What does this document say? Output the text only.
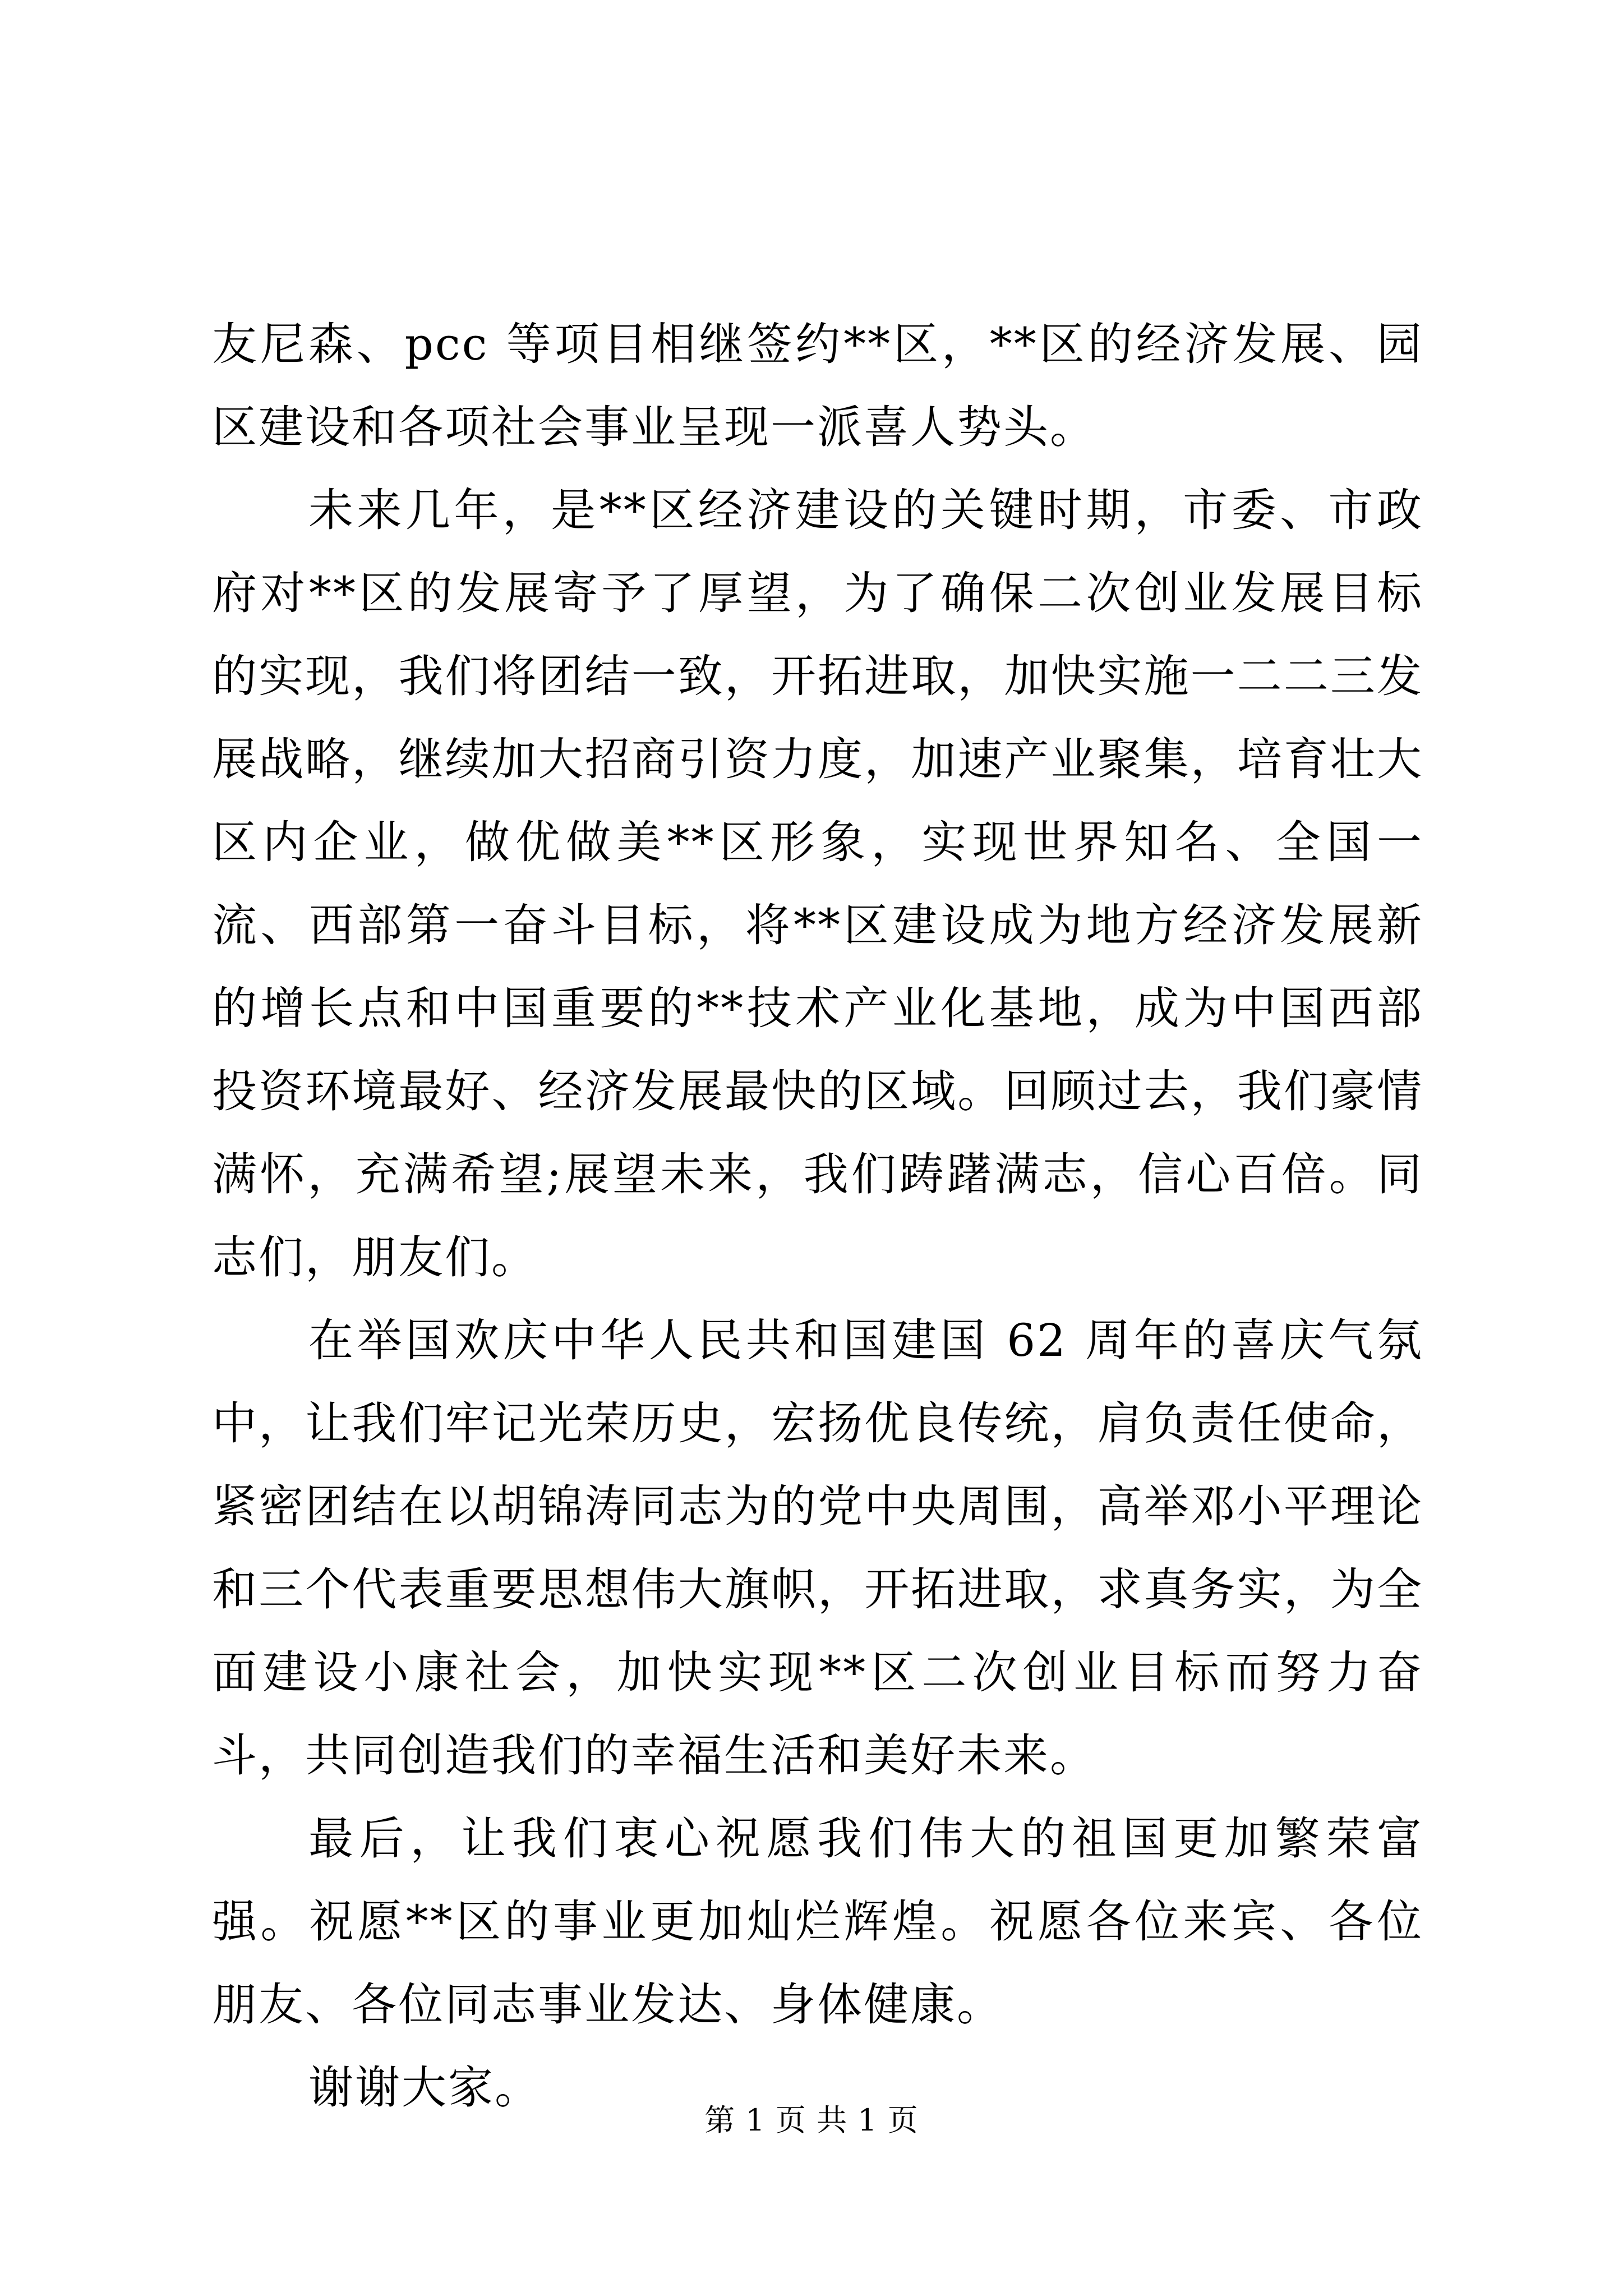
友尼森、pcc 等项目相继签约**区，**区的经济发展、园区建设和各项社会事业呈现一派喜人势头。

未来几年，是**区经济建设的关键时期，市委、市政府对**区的发展寄予了厚望，为了确保二次创业发展目标的实现，我们将团结一致，开拓进取，加快实施一二二三发展战略，继续加大招商引资力度，加速产业聚集，培育壮大区内企业，做优做美**区形象，实现世界知名、全国一流、西部第一奋斗目标，将**区建设成为地方经济发展新的增长点和中国重要的**技术产业化基地，成为中国西部投资环境最好、经济发展最快的区域。回顾过去，我们豪情满怀，充满希望;展望未来，我们踌躇满志，信心百倍。同志们，朋友们。

在举国欢庆中华人民共和国建国 62 周年的喜庆气氛中，让我们牢记光荣历史，宏扬优良传统，肩负责任使命，紧密团结在以胡锦涛同志为的党中央周围，高举邓小平理论和三个代表重要思想伟大旗帜，开拓进取，求真务实，为全面建设小康社会，加快实现**区二次创业目标而努力奋斗，共同创造我们的幸福生活和美好未来。

最后，让我们衷心祝愿我们伟大的祖国更加繁荣富强。祝愿**区的事业更加灿烂辉煌。祝愿各位来宾、各位朋友、各位同志事业发达、身体健康。

谢谢大家。

第 1 页 共 1 页
